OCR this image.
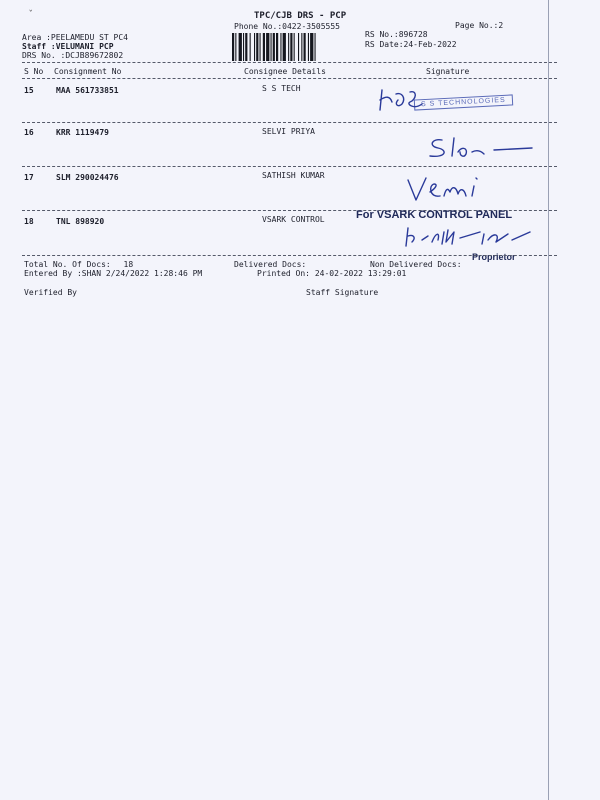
ˇ	TPC/CJB DRS - PCP
Phone No.:0422-3505555	Page No.:2
Area :PEELAMEDU ST PC4
Staff :VELUMANI PCP
DRS No. :DCJB89672802
RS No.:896728
RS Date:24-Feb-2022
S No Consignment No	Consignee Details	Signature
15	MAA 561733851	S S TECH
S S TECHNOLOGIES
16	KRR 1119479	SELVI PRIYA
17	SLM 290024476	SATHISH KUMAR
18	TNL 898920	VSARK CONTROL	For VSARK CONTROL PANEL
Proprietor
Total No. Of Docs: 18	Delivered Docs:	Non Delivered Docs:
Entered By :SHAN 2/24/2022 1:28:46 PM	Printed On: 24-02-2022 13:29:01
Verified By	Staff Signature
